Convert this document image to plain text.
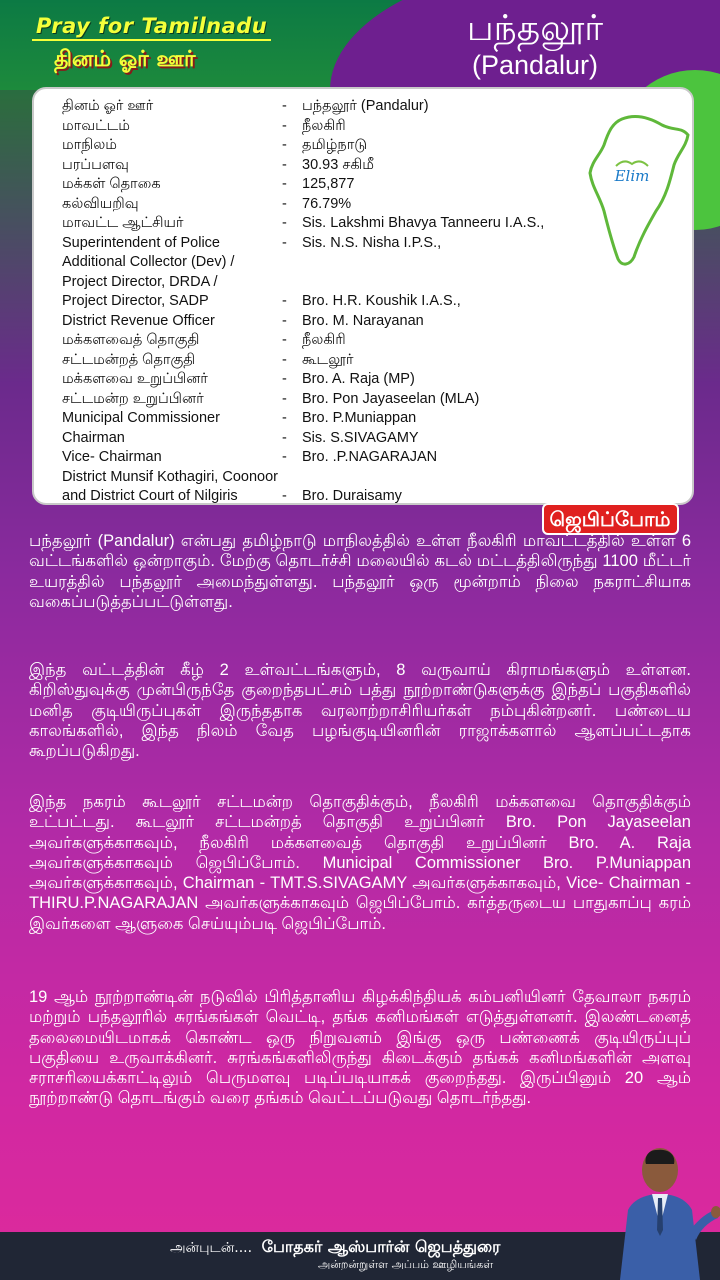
Pray for Tamilnadu
தினம் ஓர் ஊர்
பந்தலூர்
(Pandalur)
தினம் ஓர் ஊர்	-	பந்தலூர் (Pandalur)
மாவட்டம்	-	நீலகிரி
மாநிலம்	-	தமிழ்நாடு
பரப்பளவு	-	30.93 சகிமீ
மக்கள் தொகை	-	125,877
கல்வியறிவு	-	76.79%
மாவட்ட ஆட்சியர்	-	Sis. Lakshmi Bhavya Tanneeru I.A.S.,
Superintendent of Police	-	Sis. N.S. Nisha I.P.S.,
Additional Collector (Dev) /
Project Director, DRDA /
Project Director, SADP	-	Bro. H.R. Koushik I.A.S.,
District Revenue Officer	-	Bro. M. Narayanan
மக்களவைத் தொகுதி	-	நீலகிரி
சட்டமன்றத் தொகுதி	-	கூடலூர்
மக்களவை உறுப்பினர்	-	Bro. A. Raja (MP)
சட்டமன்ற உறுப்பினர்	-	Bro. Pon Jayaseelan (MLA)
Municipal Commissioner	-	Bro. P.Muniappan
Chairman	-	Sis. S.SIVAGAMY
Vice- Chairman	-	Bro. .P.NAGARAJAN
District Munsif Kothagiri, Coonoor
and District Court of Nilgiris	-	Bro. Duraisamy
Elim
ஜெபிப்போம்
பந்தலூர் (Pandalur) என்பது தமிழ்நாடு மாநிலத்தில் உள்ள நீலகிரி மாவட்டத்தில் உள்ள 6 வட்டங்களில் ஒன்றாகும். மேற்கு தொடர்ச்சி மலையில் கடல் மட்டத்திலிருந்து 1100 மீட்டர் உயரத்தில் பந்தலூர் அமைந்துள்ளது. பந்தலூர் ஒரு மூன்றாம் நிலை நகராட்சியாக வகைப்படுத்தப்பட்டுள்ளது.
இந்த வட்டத்தின் கீழ் 2 உள்வட்டங்களும், 8 வருவாய் கிராமங்களும் உள்ளன. கிறிஸ்துவுக்கு முன்பிருந்தே குறைந்தபட்சம் பத்து நூற்றாண்டுகளுக்கு இந்தப் பகுதிகளில் மனித குடியிருப்புகள் இருந்ததாக வரலாற்றாசிரியர்கள் நம்புகின்றனர். பண்டைய காலங்களில், இந்த நிலம் வேத பழங்குடியினரின் ராஜாக்களால் ஆளப்பட்டதாக கூறப்படுகிறது.
இந்த நகரம் கூடலூர் சட்டமன்ற தொகுதிக்கும், நீலகிரி மக்களவை தொகுதிக்கும் உட்பட்டது. கூடலூர் சட்டமன்றத் தொகுதி உறுப்பினர் Bro. Pon Jayaseelan அவர்களுக்காகவும், நீலகிரி மக்களவைத் தொகுதி உறுப்பினர் Bro. A. Raja அவர்களுக்காகவும் ஜெபிப்போம். Municipal Commissioner Bro. P.Muniappan அவர்களுக்காகவும், Chairman - TMT.S.SIVAGAMY அவர்களுக்காகவும், Vice- Chairman - THIRU.P.NAGARAJAN அவர்களுக்காகவும் ஜெபிப்போம். கர்த்தருடைய பாதுகாப்பு கரம் இவர்களை ஆளுகை செய்யும்படி ஜெபிப்போம்.
19 ஆம் நூற்றாண்டின் நடுவில் பிரித்தானிய கிழக்கிந்தியக் கம்பனியினர் தேவாலா நகரம் மற்றும் பந்தலூரில் சுரங்கங்கள் வெட்டி, தங்க கனிமங்கள் எடுத்துள்ளனர். இலண்டனைத் தலைமையிடமாகக் கொண்ட ஒரு நிறுவனம் இங்கு ஒரு பண்ணைக் குடியிருப்புப் பகுதியை உருவாக்கினர். சுரங்கங்களிலிருந்து கிடைக்கும் தங்கக் கனிமங்களின் அளவு சராசரியைக்காட்டிலும் பெருமளவு படிப்படியாகக் குறைந்தது. இருப்பினும் 20 ஆம் நூற்றாண்டு தொடங்கும் வரை தங்கம் வெட்டப்படுவது தொடர்ந்தது.
அன்புடன்.... போதகர் ஆஸ்பார்ன் ஜெபத்துரை
அன்றன்றுள்ள அப்பம் ஊழியங்கள்
